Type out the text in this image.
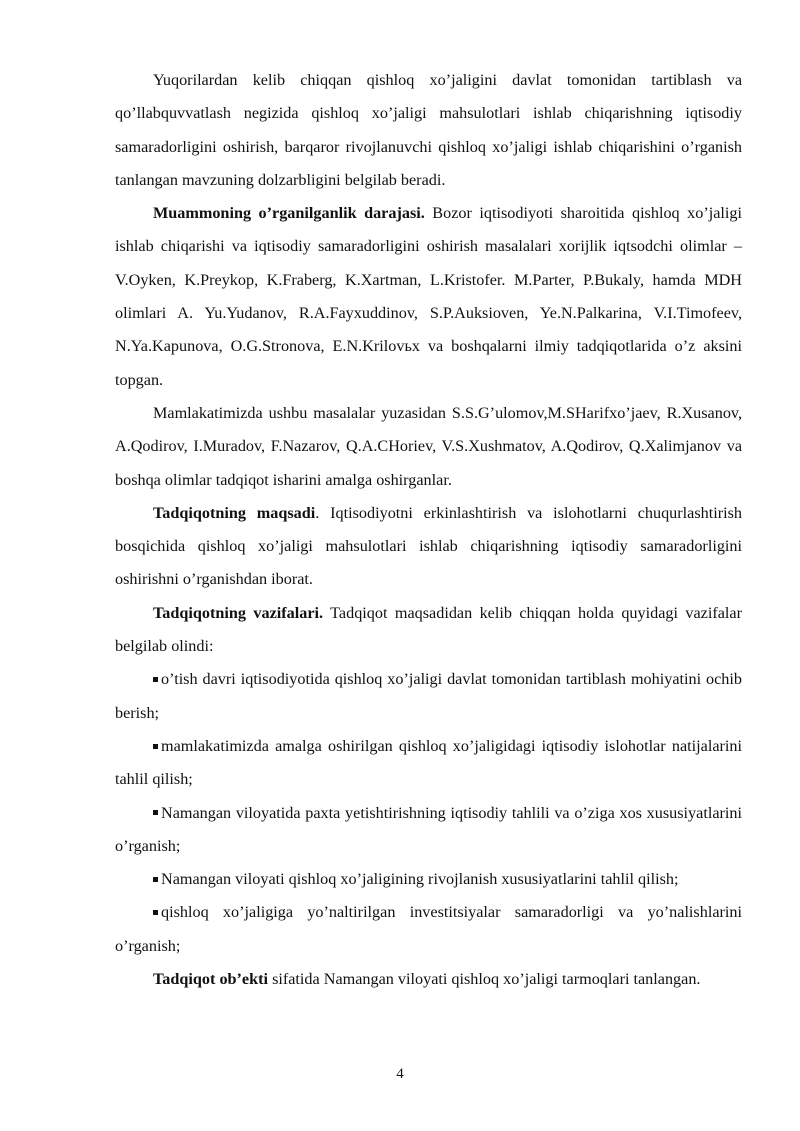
Yuqorilardan kelib chiqqan qishloq xo’jaligini davlat tomonidan tartiblash va qo’llabquvvatlash negizida qishloq xo’jaligi mahsulotlari ishlab chiqarishning iqtisodiy samaradorligini oshirish, barqaror rivojlanuvchi qishloq xo’jaligi ishlab chiqarishini o’rganish tanlangan mavzuning dolzarbligini belgilab beradi.

Muammoning o’rganilganlik darajasi. Bozor iqtisodiyoti sharoitida qishloq xo’jaligi ishlab chiqarishi va iqtisodiy samaradorligini oshirish masalalari xorijlik iqtsodchi olimlar – V.Oyken, K.Preykop, K.Fraberg, K.Xartman, L.Kristofer. M.Parter, P.Bukaly, hamda MDH olimlari A. Yu.Yudanov, R.A.Fayxuddinov, S.P.Auksioven, Ye.N.Palkarina, V.I.Timofeev, N.Ya.Kapunova, O.G.Stronova, E.N.Krilovьx va boshqalarni ilmiy tadqiqotlarida o’z aksini topgan.

Mamlakatimizda ushbu masalalar yuzasidan S.S.G’ulomov,M.SHarifxo’jaev, R.Xusanov, A.Qodirov, I.Muradov, F.Nazarov, Q.A.CHoriev, V.S.Xushmatov, A.Qodirov, Q.Xalimjanov va boshqa olimlar tadqiqot isharini amalga oshirganlar.

Tadqiqotning maqsadi. Iqtisodiyotni erkinlashtirish va islohotlarni chuqurlashtirish bosqichida qishloq xo’jaligi mahsulotlari ishlab chiqarishning iqtisodiy samaradorligini oshirishni o’rganishdan iborat.

Tadqiqotning vazifalari. Tadqiqot maqsadidan kelib chiqqan holda quyidagi vazifalar belgilab olindi:

o’tish davri iqtisodiyotida qishloq xo’jaligi davlat tomonidan tartiblash mohiyatini ochib berish;

mamlakatimizda amalga oshirilgan qishloq xo’jaligidagi iqtisodiy islohotlar natijalarini tahlil qilish;

Namangan viloyatida paxta yetishtirishning iqtisodiy tahlili va o’ziga xos xususiyatlarini o’rganish;

Namangan viloyati qishloq xo’jaligining rivojlanish xususiyatlarini tahlil qilish;

qishloq xo’jaligiga yo’naltirilgan investitsiyalar samaradorligi va yo’nalishlarini o’rganish;

Tadqiqot ob’ekti sifatida Namangan viloyati qishloq xo’jaligi tarmoqlari tanlangan.

4
